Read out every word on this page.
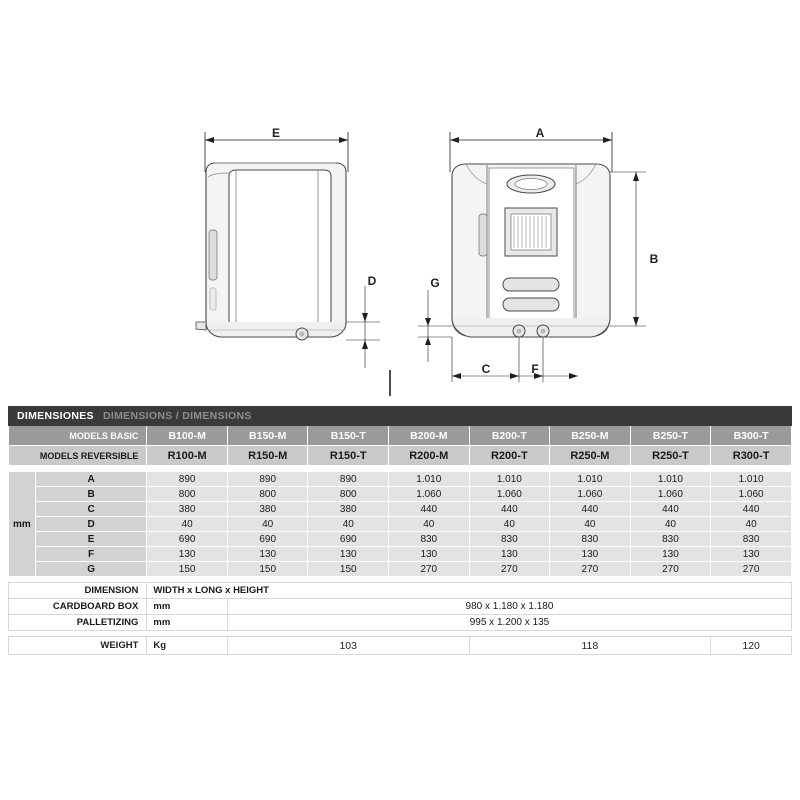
E
D
A
B
C	F
G
DIMENSIONES DIMENSIONS / DIMENSIONS									
MODELS BASIC		B100-M	B150-M	B150-T	B200-M	B200-T	B250-M	B250-T	B300-T
MODELS REVERSIBLE		R100-M	R150-M	R150-T	R200-M	R200-T	R250-M	R250-T	R300-T

mm	A	890	890	890	1.010	1.010	1.010	1.010	1.010
	B	800	800	800	1.060	1.060	1.060	1.060	1.060
	C	380	380	380	440	440	440	440	440
	D	40	40	40	40	40	40	40	40
	E	690	690	690	830	830	830	830	830
	F	130	130	130	130	130	130	130	130
	G	150	150	150	270	270	270	270	270

DIMENSION		WIDTH x LONG x HEIGHT							
CARDBOARD BOX		mm	980 x 1.180 x 1.180						
PALLETIZING		mm	995 x 1.200 x 135						

WEIGHT		Kg	103			118			120
